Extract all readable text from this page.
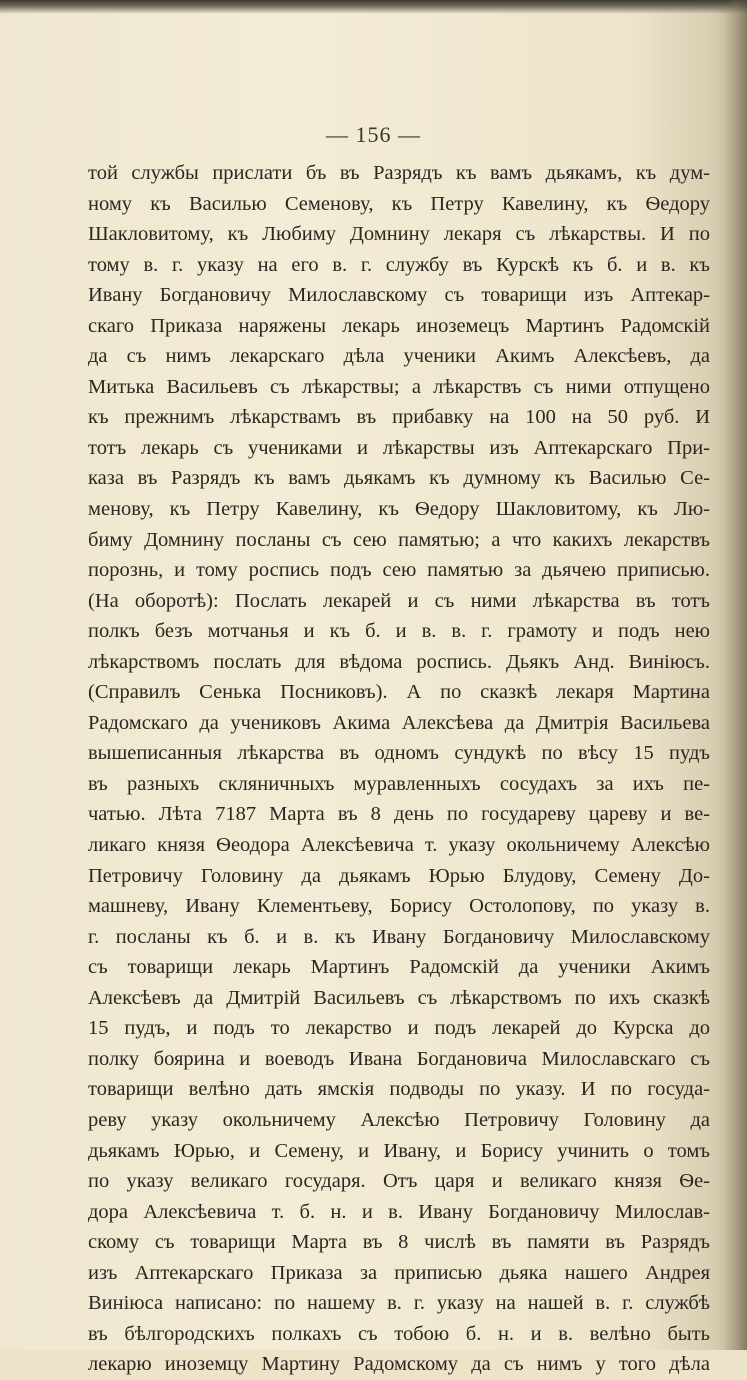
— 156 —
той службы прислати бъ въ Разрядъ къ вамъ дьякамъ, къ дум-
ному къ Василью Семенову, къ Петру Кавелину, къ Ѳедору
Шакловитому, къ Любиму Домнину лекаря съ лѣкарствы. И по
тому в. г. указу на его в. г. службу въ Курскѣ къ б. и в. къ
Ивану Богдановичу Милославскому съ товарищи изъ Аптекар-
скаго Приказа наряжены лекарь иноземецъ Мартинъ Радомскій
да съ нимъ лекарскаго дѣла ученики Акимъ Алексѣевъ, да
Митька Васильевъ съ лѣкарствы; а лѣкарствъ съ ними отпущено
къ прежнимъ лѣкарствамъ въ прибавку на 100 на 50 руб. И
тотъ лекарь съ учениками и лѣкарствы изъ Аптекарскаго При-
каза въ Разрядъ къ вамъ дьякамъ къ думному къ Василью Се-
менову, къ Петру Кавелину, къ Ѳедору Шакловитому, къ Лю-
биму Домнину посланы съ сею памятью; а что какихъ лекарствъ
порознь, и тому роспись подъ сею памятью за дьячею приписью.
(На оборотѣ): Послать лекарей и съ ними лѣкарства въ тотъ
полкъ безъ мотчанья и къ б. и в. в. г. грамоту и подъ нею
лѣкарствомъ послать для вѣдома роспись. Дьякъ Анд. Виніюсъ.
(Справилъ Сенька Посниковъ). А по сказкѣ лекаря Мартина
Радомскаго да учениковъ Акима Алексѣева да Дмитрія Васильева
вышеписанныя лѣкарства въ одномъ сундукѣ по вѣсу 15 пудъ
въ разныхъ скляничныхъ муравленныхъ сосудахъ за ихъ пе-
чатью. Лѣта 7187 Марта въ 8 день по государеву цареву и ве-
ликаго князя Ѳеодора Алексѣевича т. указу окольничему Алексѣю
Петровичу Головину да дьякамъ Юрью Блудову, Семену До-
машневу, Ивану Клементьеву, Борису Остолопову, по указу в.
г. посланы къ б. и в. къ Ивану Богдановичу Милославскому
съ товарищи лекарь Мартинъ Радомскій да ученики Акимъ
Алексѣевъ да Дмитрій Васильевъ съ лѣкарствомъ по ихъ сказкѣ
15 пудъ, и подъ то лекарство и подъ лекарей до Курска до
полку боярина и воеводъ Ивана Богдановича Милославскаго съ
товарищи велѣно дать ямскія подводы по указу. И по госуда-
реву указу окольничему Алексѣю Петровичу Головину да
дьякамъ Юрью, и Семену, и Ивану, и Борису учинить о томъ
по указу великаго государя. Отъ царя и великаго князя Ѳе-
дора Алексѣевича т. б. н. и в. Ивану Богдановичу Милослав-
скому съ товарищи Марта въ 8 числѣ въ памяти въ Разрядъ
изъ Аптекарскаго Приказа за приписью дьяка нашего Андрея
Виніюса написано: по нашему в. г. указу на нашей в. г. службѣ
въ бѣлгородскихъ полкахъ съ тобою б. н. и в. велѣно быть
лекарю иноземцу Мартину Радомскому да съ нимъ у того дѣла
